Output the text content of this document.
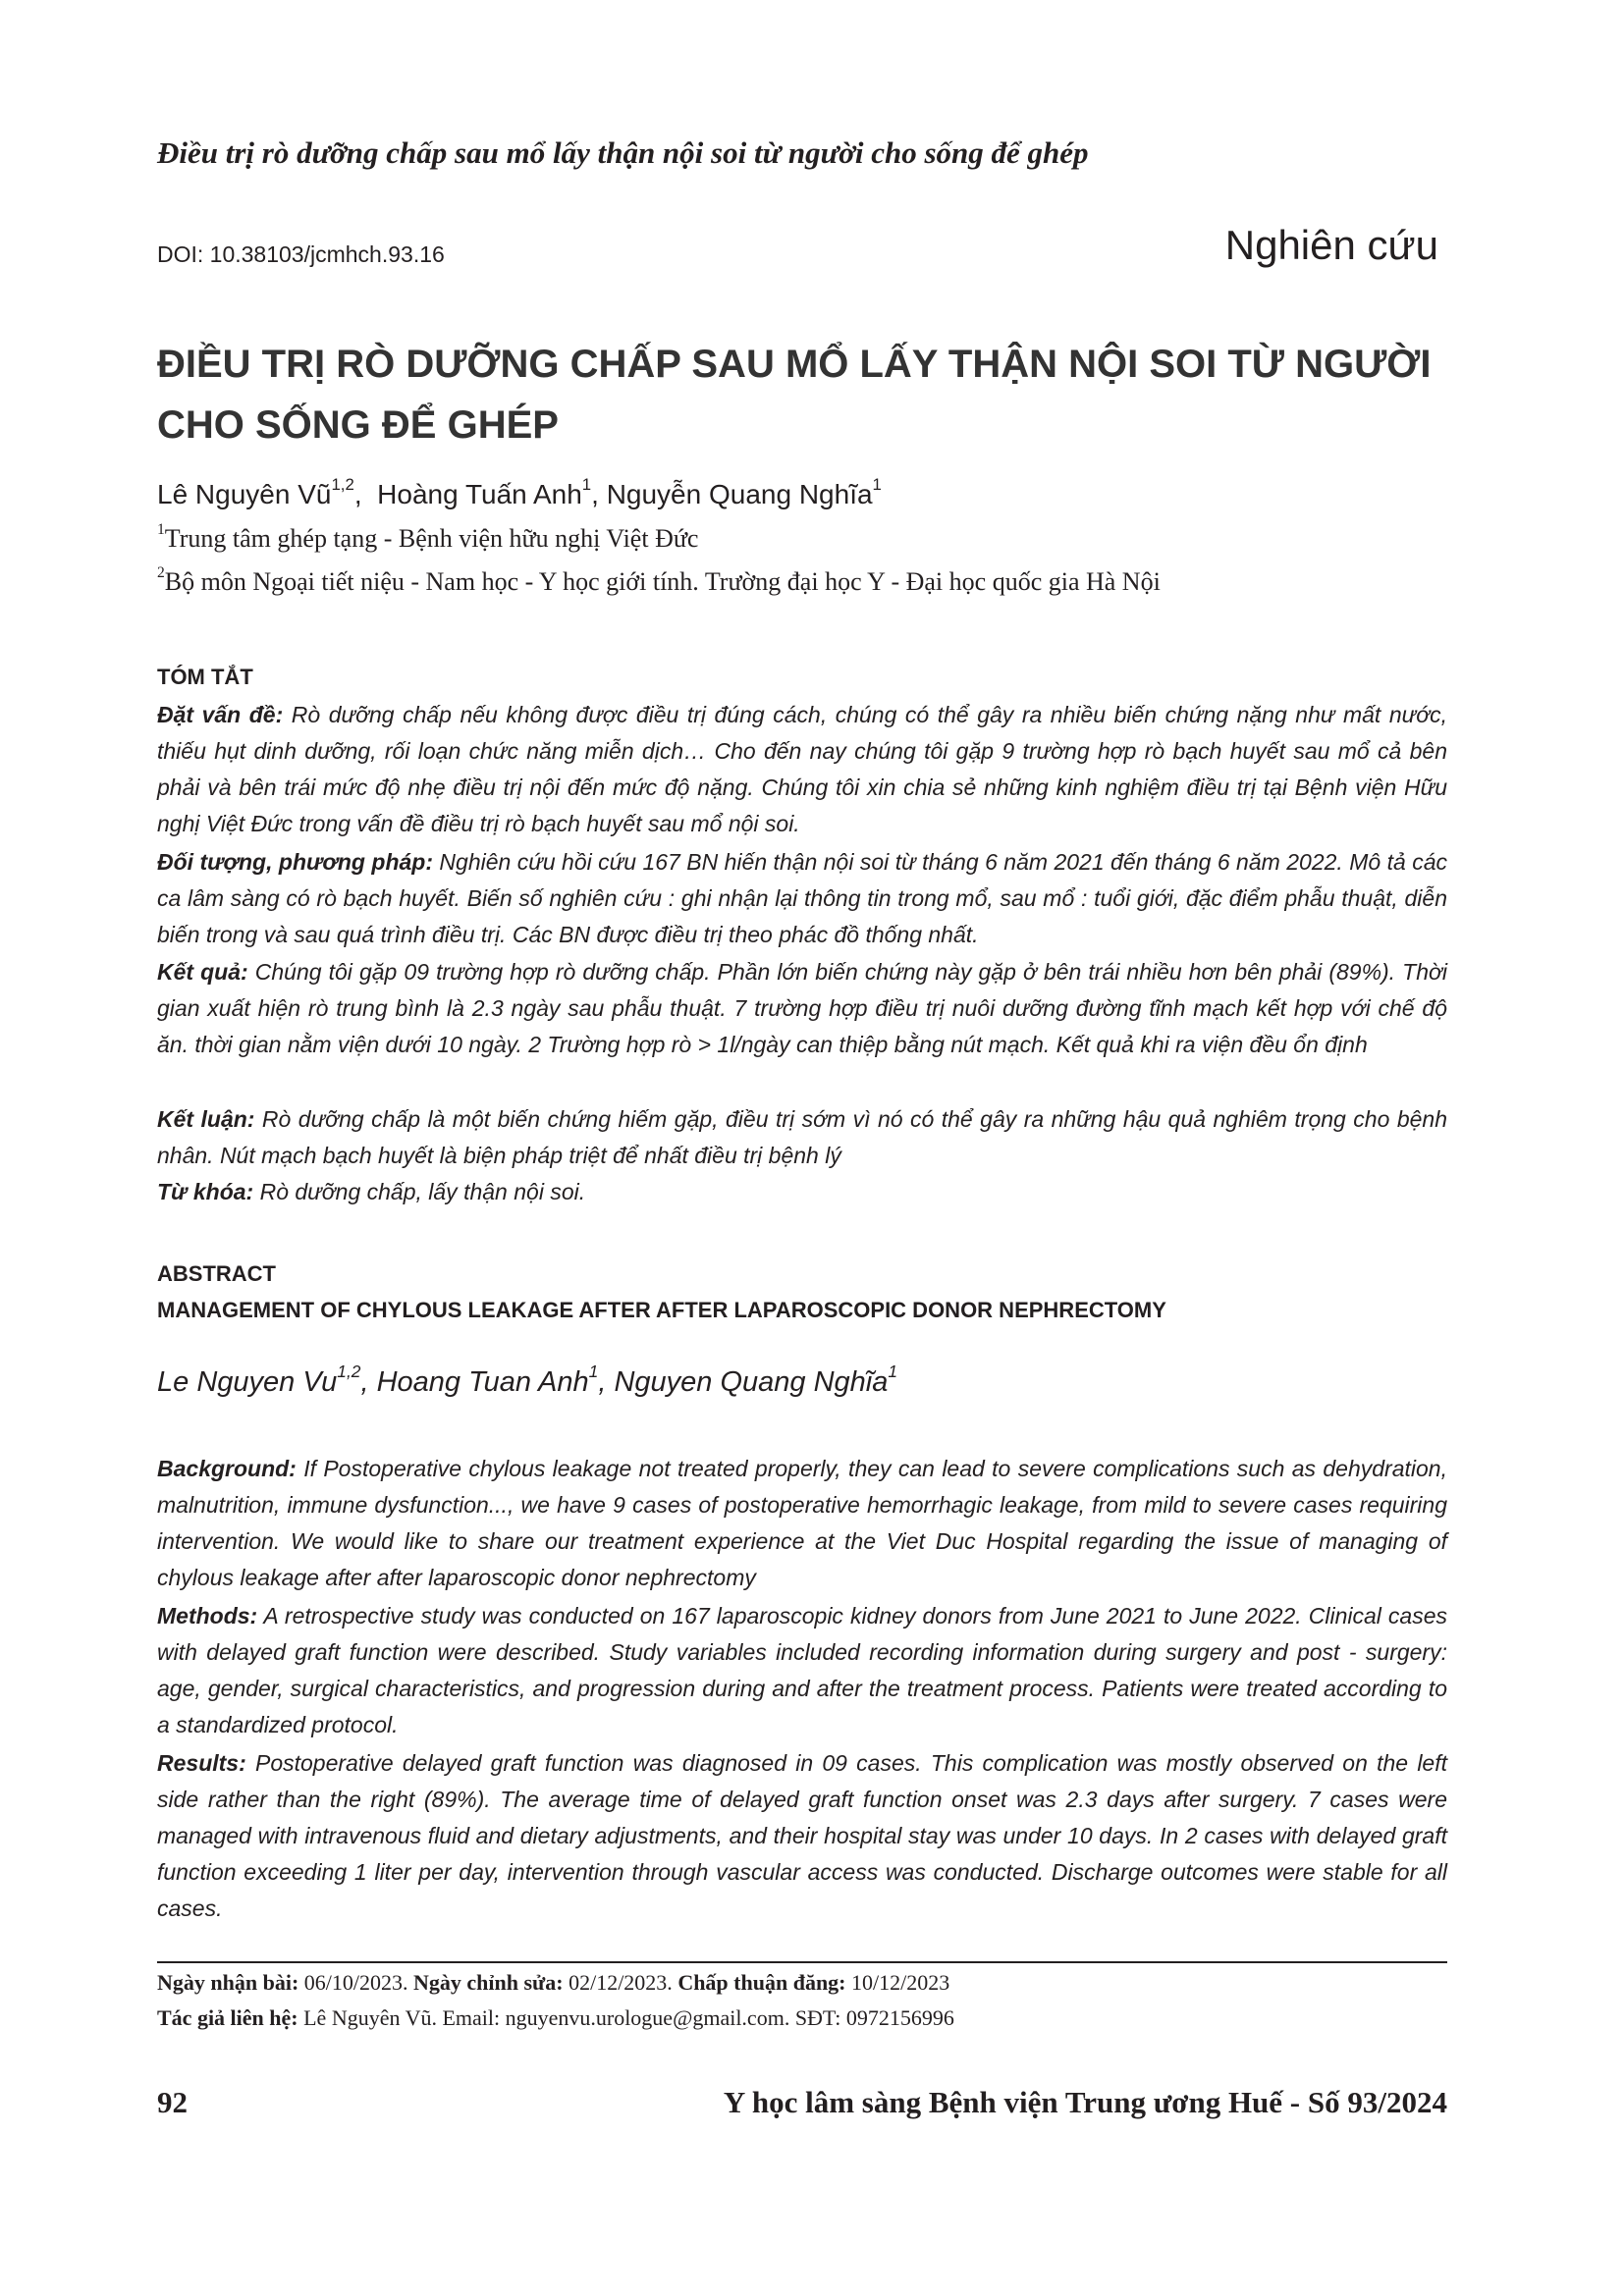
Điều trị rò dưỡng chấp sau mổ lấy thận nội soi từ người cho sống để ghép
DOI: 10.38103/jcmhch.93.16	Nghiên cứu
ĐIỀU TRỊ RÒ DƯỠNG CHẤP SAU MỔ LẤY THẬN NỘI SOI TỪ NGƯỜI
CHO SỐNG ĐỂ GHÉP
Lê Nguyên Vũ$^{1,2}$,  Hoàng Tuấn Anh$^1$, Nguyễn Quang Nghĩa$^1$
$^1$Trung tâm ghép tạng - Bệnh viện hữu nghị Việt Đức
$^2$Bộ môn Ngoại tiết niệu - Nam học - Y học giới tính. Trường đại học Y - Đại học quốc gia Hà Nội
TÓM TẮT

Đặt vấn đề: Rò dưỡng chấp nếu không được điều trị đúng cách, chúng có thể gây ra nhiều biến chứng nặng như mất nước, thiếu hụt dinh dưỡng, rối loạn chức năng miễn dịch… Cho đến nay chúng tôi gặp 9 trường hợp rò bạch huyết sau mổ cả bên phải và bên trái mức độ nhẹ điều trị nội đến mức độ nặng. Chúng tôi xin chia sẻ những kinh nghiệm điều trị tại Bệnh viện Hữu nghị Việt Đức trong vấn đề điều trị rò bạch huyết sau mổ nội soi.

Đối tượng, phương pháp: Nghiên cứu hồi cứu 167 BN hiến thận nội soi từ tháng 6 năm 2021 đến tháng 6 năm 2022. Mô tả các ca lâm sàng có rò bạch huyết. Biến số nghiên cứu : ghi nhận lại thông tin trong mổ, sau mổ : tuổi giới, đặc điểm phẫu thuật, diễn biến trong và sau quá trình điều trị. Các BN được điều trị theo phác đồ thống nhất.

Kết quả: Chúng tôi gặp 09 trường hợp rò dưỡng chấp. Phần lớn biến chứng này gặp ở bên trái nhiều hơn bên phải (89%). Thời gian xuất hiện rò trung bình là 2.3 ngày sau phẫu thuật. 7 trường hợp điều trị nuôi dưỡng đường tĩnh mạch kết hợp với chế độ ăn. thời gian nằm viện dưới 10 ngày. 2 Trường hợp rò > 1l/ngày can thiệp bằng nút mạch. Kết quả khi ra viện đều ổn định

Kết luận: Rò dưỡng chấp là một biến chứng hiếm gặp, điều trị sớm vì nó có thể gây ra những hậu quả nghiêm trọng cho bệnh nhân. Nút mạch bạch huyết là biện pháp triệt để nhất điều trị bệnh lý

Từ khóa: Rò dưỡng chấp, lấy thận nội soi.

ABSTRACT
MANAGEMENT OF CHYLOUS LEAKAGE AFTER AFTER LAPAROSCOPIC DONOR NEPHRECTOMY
Le Nguyen Vu$^{1,2}$, Hoang Tuan Anh$^1$, Nguyen Quang Nghĩa$^1$

Background: If Postoperative chylous leakage not treated properly, they can lead to severe complications such as dehydration, malnutrition, immune dysfunction..., we have 9 cases of postoperative hemorrhagic leakage, from mild to severe cases requiring intervention. We would like to share our treatment experience at the Viet Duc Hospital regarding the issue of managing of chylous leakage after after laparoscopic donor nephrectomy

Methods: A retrospective study was conducted on 167 laparoscopic kidney donors from June 2021 to June 2022. Clinical cases with delayed graft function were described. Study variables included recording information during surgery and post - surgery: age, gender, surgical characteristics, and progression during and after the treatment process. Patients were treated according to a standardized protocol.

Results: Postoperative delayed graft function was diagnosed in 09 cases. This complication was mostly observed on the left side rather than the right (89%). The average time of delayed graft function onset was 2.3 days after surgery. 7 cases were managed with intravenous fluid and dietary adjustments, and their hospital stay was under 10 days. In 2 cases with delayed graft function exceeding 1 liter per day, intervention through vascular access was conducted. Discharge outcomes were stable for all cases.

Ngày nhận bài: 06/10/2023. Ngày chỉnh sửa: 02/12/2023. Chấp thuận đăng: 10/12/2023
Tác giả liên hệ: Lê Nguyên Vũ. Email: nguyenvu.urologue@gmail.com. SĐT: 0972156996
92	Y học lâm sàng Bệnh viện Trung ương Huế - Số 93/2024
